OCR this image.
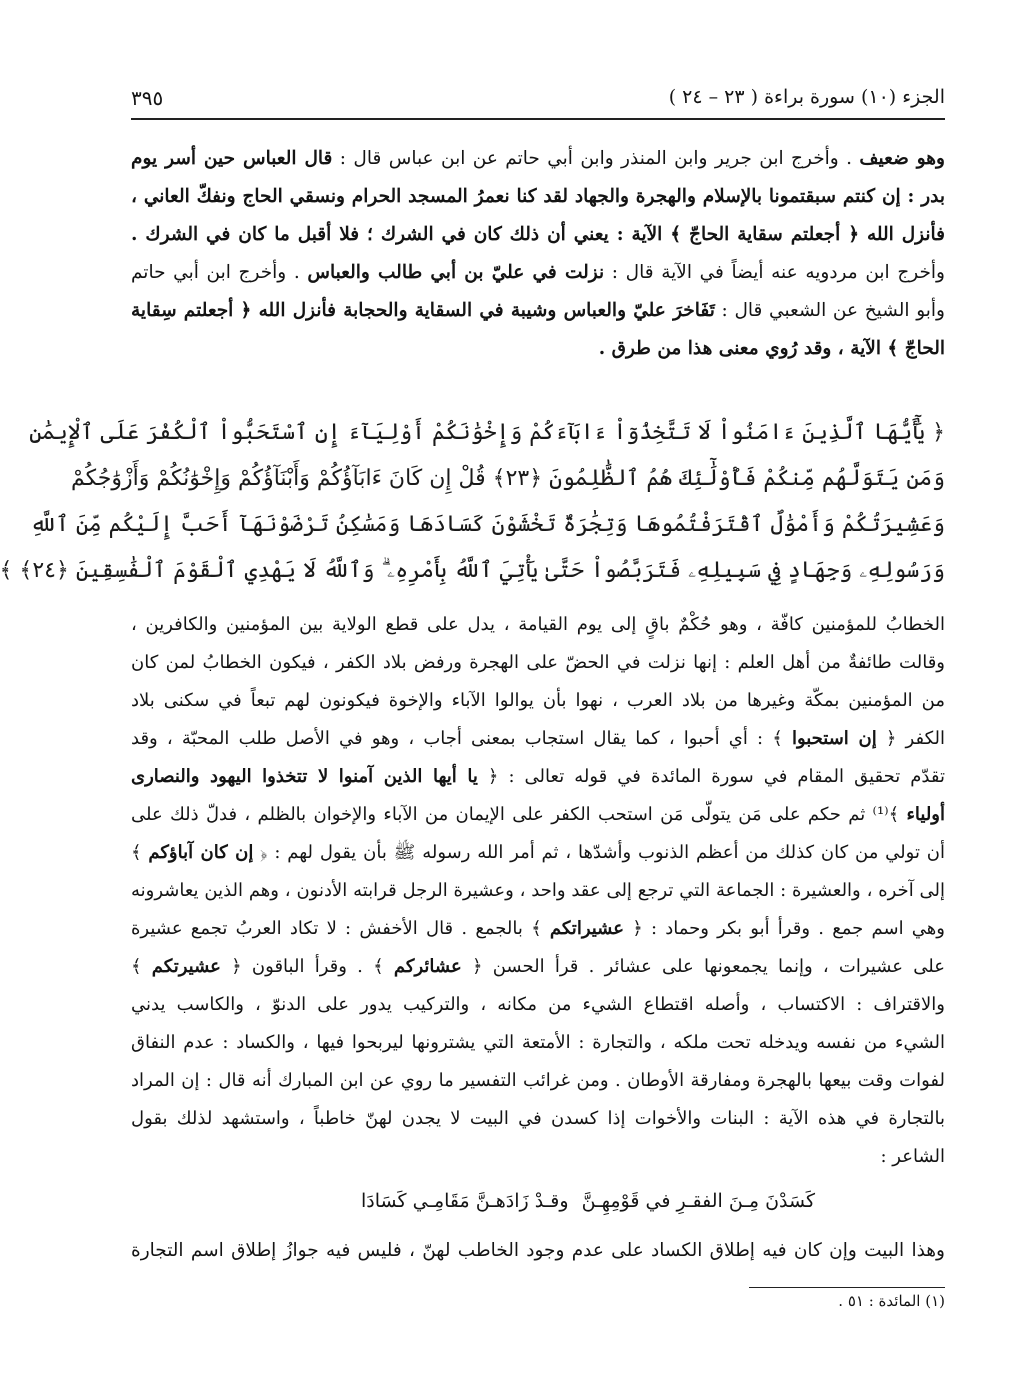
الجزء (١٠) سورة براءة ( ٢٣ – ٢٤ )
٣٩٥
وهو ضعيف . وأخرج ابن جرير وابن المنذر وابن أبي حاتم عن ابن عباس قال : قال العباس حين أسر يوم
بدر : إن كنتم سبقتمونا بالإسلام والهجرة والجهاد لقد كنا نعمرُ المسجد الحرام ونسقي الحاج ونفكّ العاني ،
فأنزل الله ﴿ أجعلتم سقاية الحاجّ ﴾ الآية : يعني أن ذلك كان في الشرك ؛ فلا أقبل ما كان في الشرك .
وأخرج ابن مردويه عنه أيضاً في الآية قال : نزلت في عليّ بن أبي طالب والعباس . وأخرج ابن أبي حاتم
وأبو الشيخ عن الشعبي قال : تَفَاخرَ عليّ والعباس وشيبة في السقاية والحجابة فأنزل الله ﴿ أجعلتم سِقاية
الحاجّ ﴾ الآية ، وقد رُوي معنى هذا من طرق .
﴿ يَٰٓأَيُّهَا ٱلَّذِينَ ءَامَنُواْ لَا تَتَّخِذُوٓاْ ءَابَآءَكُمْ وَإِخْوَٰنَكُمْ أَوْلِيَآءَ إِنِ ٱسْتَحَبُّواْ ٱلْكُفْرَ عَلَى ٱلْإِيمَٰنِ
وَمَن يَتَوَلَّهُم مِّنكُمْ فَأُوْلَٰٓئِكَ هُمُ ٱلظَّٰلِمُونَ ﴿٢٣﴾ قُلْ إِن كَانَ ءَابَآؤُكُمْ وَأَبْنَآؤُكُمْ وَإِخْوَٰنُكُمْ وَأَزْوَٰجُكُمْ
وَعَشِيرَتُكُمْ وَأَمْوَٰلٌ ٱقْتَرَفْتُمُوهَا وَتِجَٰرَةٌ تَخْشَوْنَ كَسَادَهَا وَمَسَٰكِنُ تَرْضَوْنَهَآ أَحَبَّ إِلَيْكُم مِّنَ ٱللَّهِ
وَرَسُولِهِۦ وَجِهَادٍ فِي سَبِيلِهِۦ فَتَرَبَّصُواْ حَتَّىٰ يَأْتِيَ ٱللَّهُ بِأَمْرِهِۦ ۗ وَٱللَّهُ لَا يَهْدِي ٱلْقَوْمَ ٱلْفَٰسِقِينَ ﴿٢٤﴾ ﴾
الخطابُ للمؤمنين كافّة ، وهو حُكْمٌ باقٍ إلى يوم القيامة ، يدل على قطع الولاية بين المؤمنين والكافرين ،
وقالت طائفةٌ من أهل العلم : إنها نزلت في الحضّ على الهجرة ورفض بلاد الكفر ، فيكون الخطابُ لمن كان
من المؤمنين بمكّة وغيرها من بلاد العرب ، نهوا بأن يوالوا الآباء والإخوة فيكونون لهم تبعاً في سكنى بلاد
الكفر ﴿ إن استحبوا ﴾ : أي أحبوا ، كما يقال استجاب بمعنى أجاب ، وهو في الأصل طلب المحبّة ، وقد
تقدّم تحقيق المقام في سورة المائدة في قوله تعالى : ﴿ يا أيها الذين آمنوا لا تتخذوا اليهود والنصارى
أولياء ﴾⁽¹⁾ ثم حكم على مَن يتولّى مَن استحب الكفر على الإيمان من الآباء والإخوان بالظلم ، فدلّ ذلك على
أن تولي من كان كذلك من أعظم الذنوب وأشدّها ، ثم أمر الله رسوله ﷺ بأن يقول لهم : ﴿ إن كان آباؤكم ﴾
إلى آخره ، والعشيرة : الجماعة التي ترجع إلى عقد واحد ، وعشيرة الرجل قرابته الأدنون ، وهم الذين يعاشرونه
وهي اسم جمع . وقرأ أبو بكر وحماد : ﴿ عشيراتكم ﴾ بالجمع . قال الأخفش : لا تكاد العربُ تجمع عشيرة
على عشيرات ، وإنما يجمعونها على عشائر . قرأ الحسن ﴿ عشائركم ﴾ . وقرأ الباقون ﴿ عشيرتكم ﴾
والاقتراف : الاكتساب ، وأصله اقتطاع الشيء من مكانه ، والتركيب يدور على الدنوّ ، والكاسب يدني
الشيء من نفسه ويدخله تحت ملكه ، والتجارة : الأمتعة التي يشترونها ليربحوا فيها ، والكساد : عدم النفاق
لفوات وقت بيعها بالهجرة ومفارقة الأوطان . ومن غرائب التفسير ما روي عن ابن المبارك أنه قال : إن المراد
بالتجارة في هذه الآية : البنات والأخوات إذا كسدن في البيت لا يجدن لهنّ خاطباً ، واستشهد لذلك بقول
الشاعر :
كَسَدْنَ مِـنَ الفقـرِ في قَوْمِهِـنَّ
وقـدْ زَادَهـنَّ مَقَامِـي كَسَادَا
وهذا البيت وإن كان فيه إطلاق الكساد على عدم وجود الخاطب لهنّ ، فليس فيه جوازُ إطلاق اسم التجارة
(١) المائدة : ٥١ .
